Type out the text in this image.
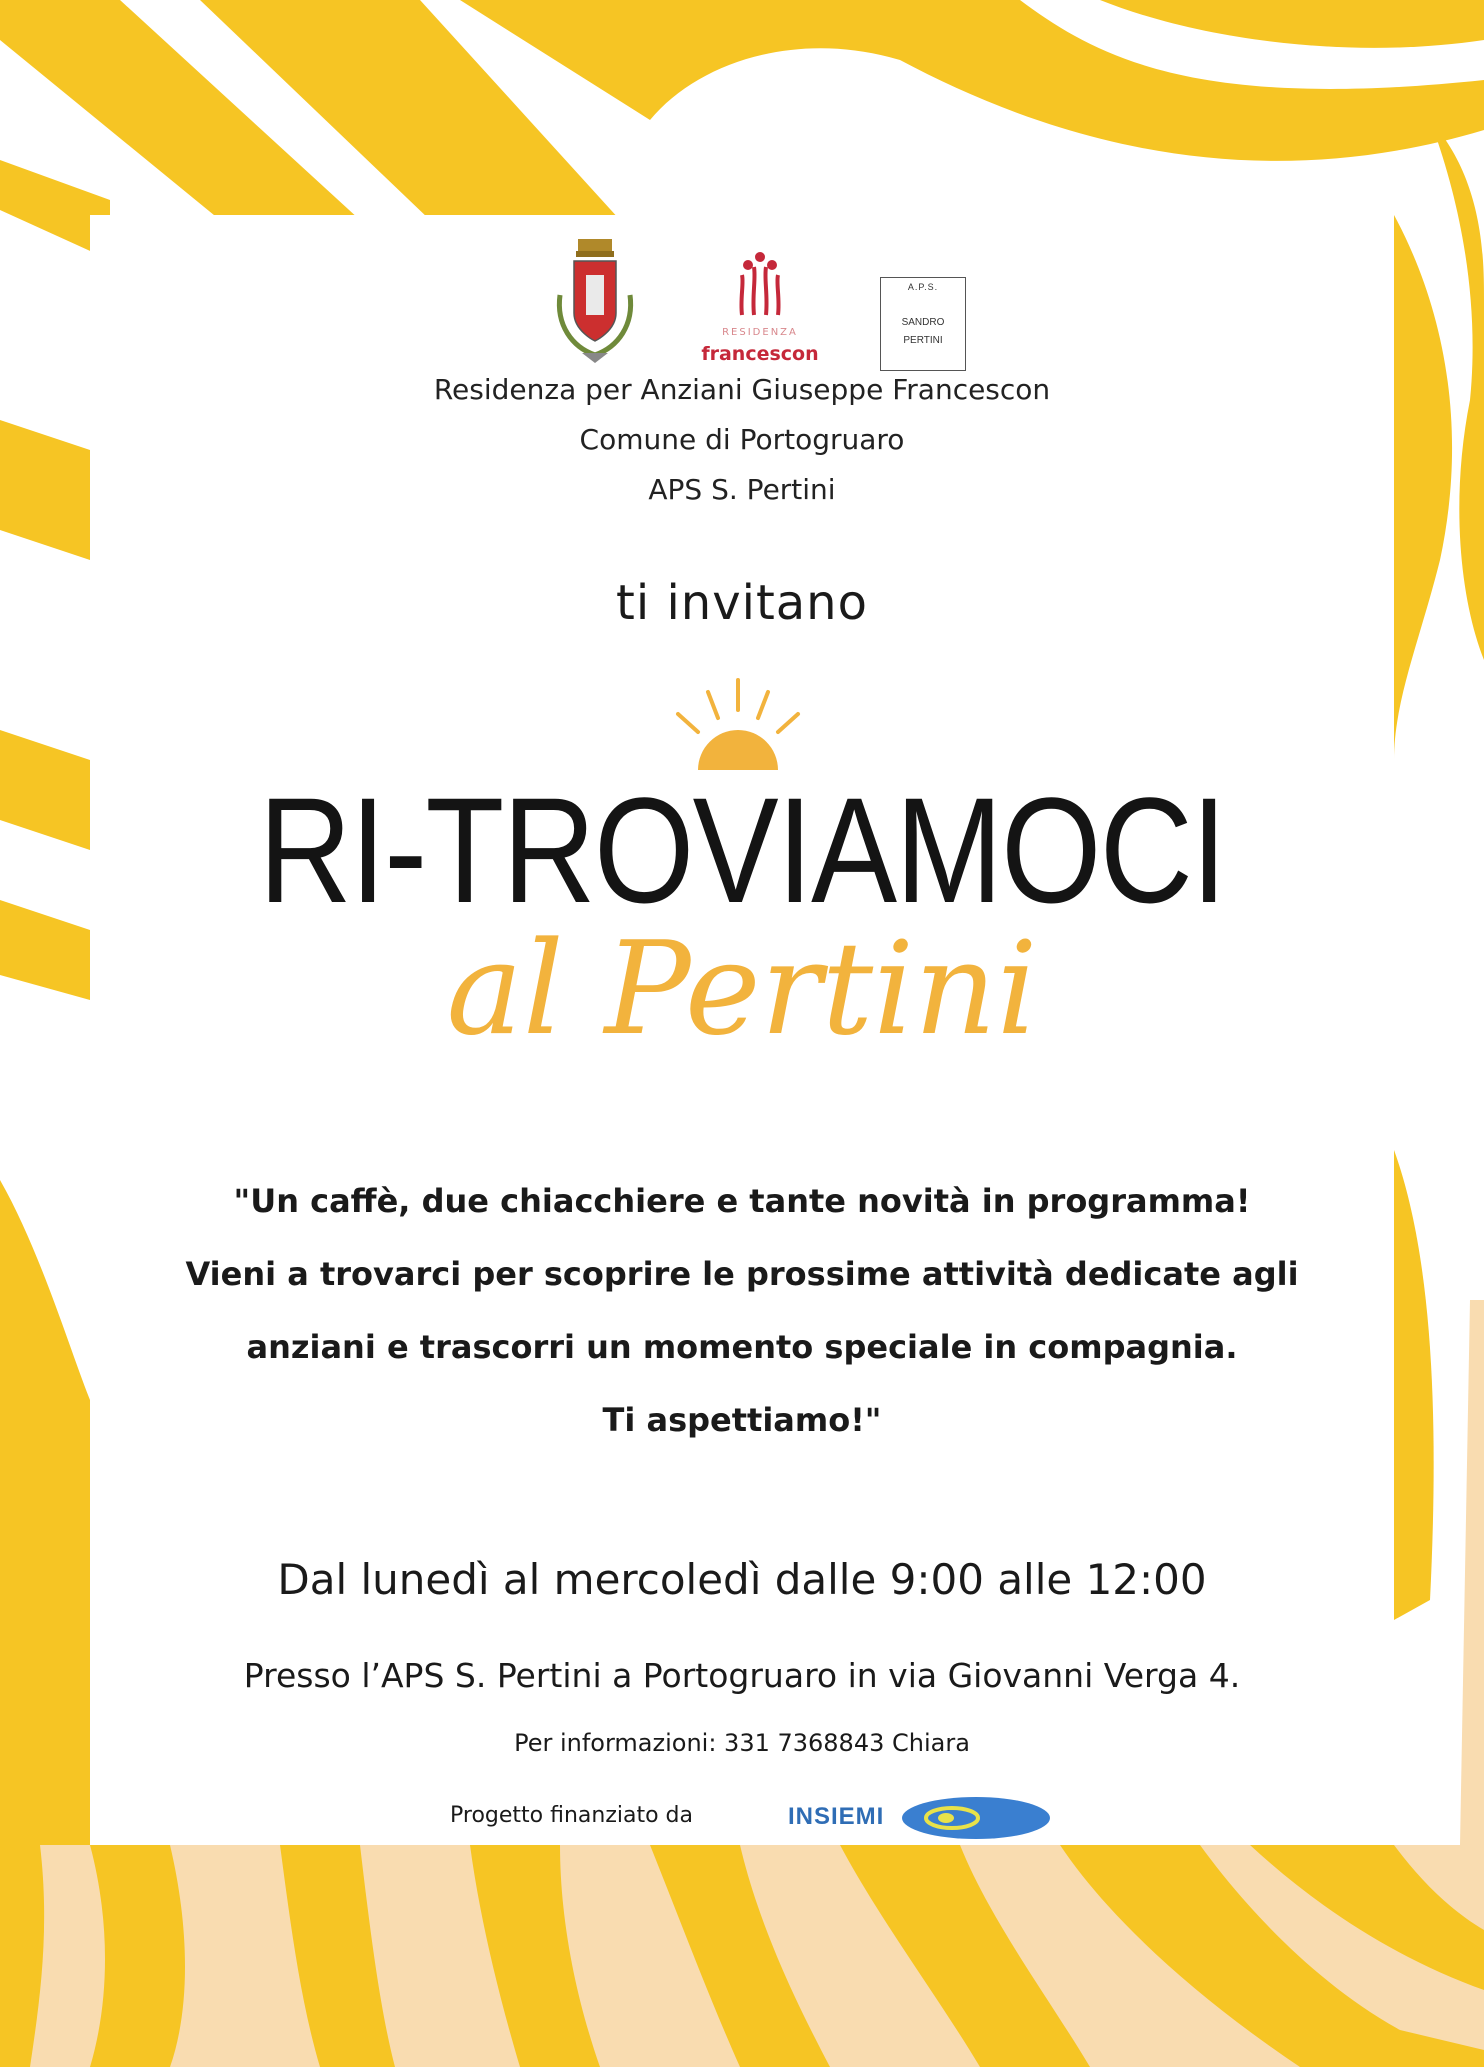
RESIDENZA
francescon
A.P.S.
SANDRO
PERTINI
Residenza per Anziani Giuseppe Francescon
Comune di Portogruaro
APS S. Pertini
ti invitano
RI-TROVIAMOCI
al Pertini
"Un caffè, due chiacchiere e tante novità in programma!
Vieni a trovarci per scoprire le prossime attività dedicate agli
anziani e trascorri un momento speciale in compagnia.
Ti aspettiamo!"
Dal lunedì al mercoledì dalle 9:00 alle 12:00
Presso l’APS S. Pertini a Portogruaro in via Giovanni Verga 4.
Per informazioni: 331 7368843 Chiara
Progetto finanziato da	INSIEMI
